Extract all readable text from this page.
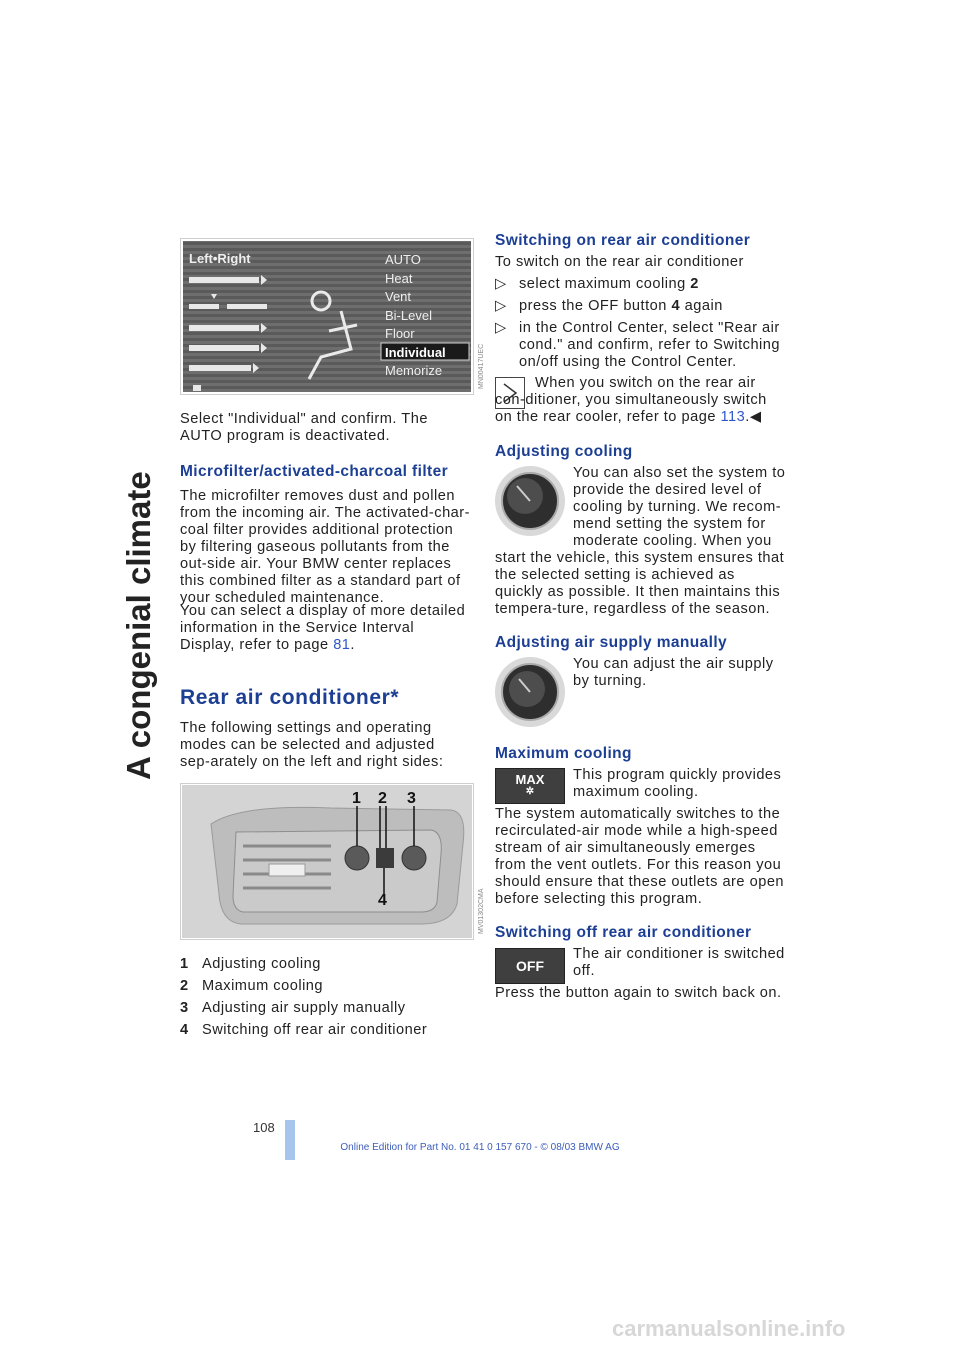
A congenial climate
Left•Right	AUTO
Heat
Vent
Bi-Level
Floor
Individual
Memorize	MN00417UEC
Select "Individual" and confirm. The AUTO program is deactivated.
Microfilter/activated-charcoal filter
The microfilter removes dust and pollen from the incoming air. The activated-char-coal filter provides additional protection by filtering gaseous pollutants from the out-side air. Your BMW center replaces this combined filter as a standard part of your scheduled maintenance.
You can select a display of more detailed information in the Service Interval Display, refer to page 81.
Rear air conditioner*
The following settings and operating modes can be selected and adjusted sep-arately on the left and right sides:
1 2 3
4	MV01302CMA
1 Adjusting cooling
2 Maximum cooling
3 Adjusting air supply manually
4 Switching off rear air conditioner
Switching on rear air conditioner
To switch on the rear air conditioner
▷ select maximum cooling 2
▷ press the OFF button 4 again
▷ in the Control Center, select "Rear air cond." and confirm, refer to Switching on/off using the Control Center.
When you switch on the rear air con-ditioner, you simultaneously switch on the rear cooler, refer to page 113.◀
Adjusting cooling
You can also set the system to provide the desired level of cooling by turning. We recom-mend setting the system for moderate cooling. When you start the vehicle, this system ensures that the selected setting is achieved as quickly as possible. It then maintains this tempera-ture, regardless of the season.
Adjusting air supply manually
You can adjust the air supply by turning.
Maximum cooling
MAX
✲
This program quickly provides maximum cooling.
The system automatically switches to the recirculated-air mode while a high-speed stream of air simultaneously emerges from the vent outlets. For this reason you should ensure that these outlets are open before selecting this program.
Switching off rear air conditioner
OFF
The air conditioner is switched off.
Press the button again to switch back on.
108
Online Edition for Part No. 01 41 0 157 670 - © 08/03 BMW AG
carmanualsonline.info
